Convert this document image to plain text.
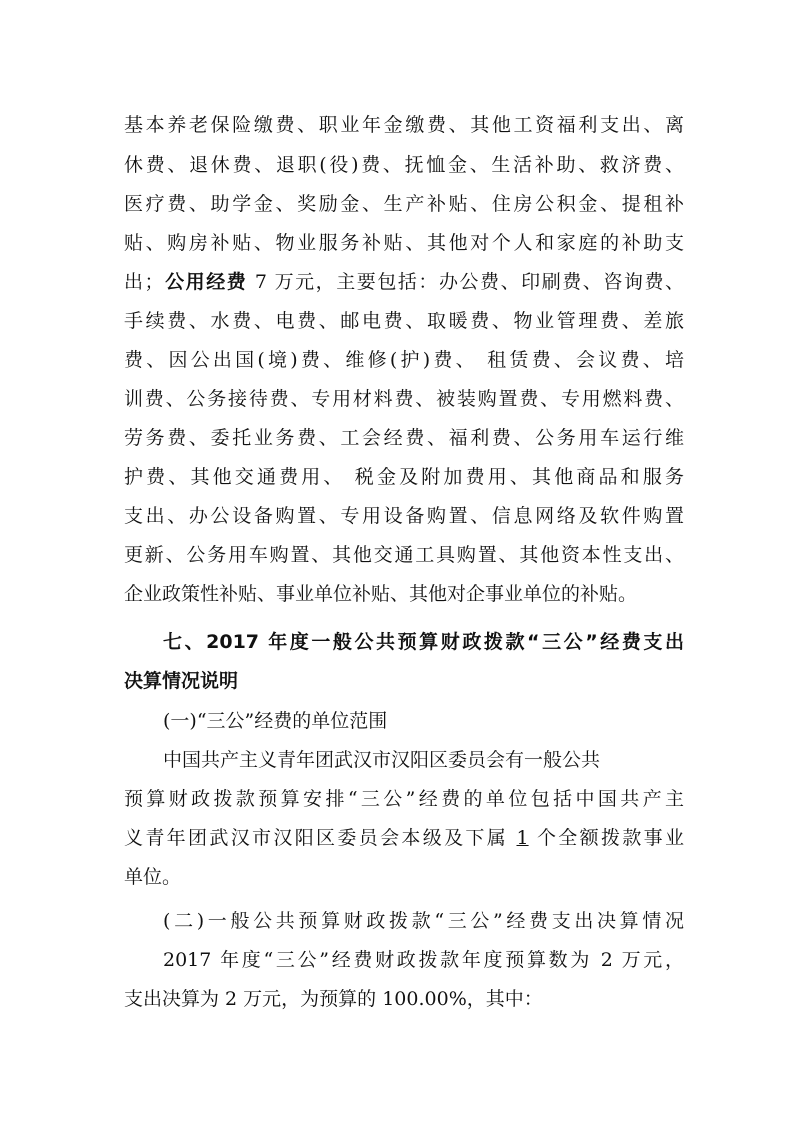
基本养老保险缴费、职业年金缴费、其他工资福利支出、离
休费、退休费、退职(役)费、抚恤金、生活补助、救济费、
医疗费、助学金、奖励金、生产补贴、住房公积金、提租补
贴、购房补贴、物业服务补贴、其他对个人和家庭的补助支
出；公用经费 7 万元，主要包括：办公费、印刷费、咨询费、
手续费、水费、电费、邮电费、取暖费、物业管理费、差旅
费、因公出国(境)费、维修(护)费、 租赁费、会议费、培
训费、公务接待费、专用材料费、被装购置费、专用燃料费、
劳务费、委托业务费、工会经费、福利费、公务用车运行维
护费、其他交通费用、 税金及附加费用、其他商品和服务
支出、办公设备购置、专用设备购置、信息网络及软件购置
更新、公务用车购置、其他交通工具购置、其他资本性支出、
企业政策性补贴、事业单位补贴、其他对企事业单位的补贴。
七、2017 年度一般公共预算财政拨款“三公”经费支出
决算情况说明
(一)“三公”经费的单位范围
中国共产主义青年团武汉市汉阳区委员会有一般公共
预算财政拨款预算安排“三公”经费的单位包括中国共产主
义青年团武汉市汉阳区委员会本级及下属 1 个全额拨款事业
单位。
(二)一般公共预算财政拨款“三公”经费支出决算情况
2017 年度“三公”经费财政拨款年度预算数为 2 万元，
支出决算为 2 万元，为预算的 100.00%，其中：
